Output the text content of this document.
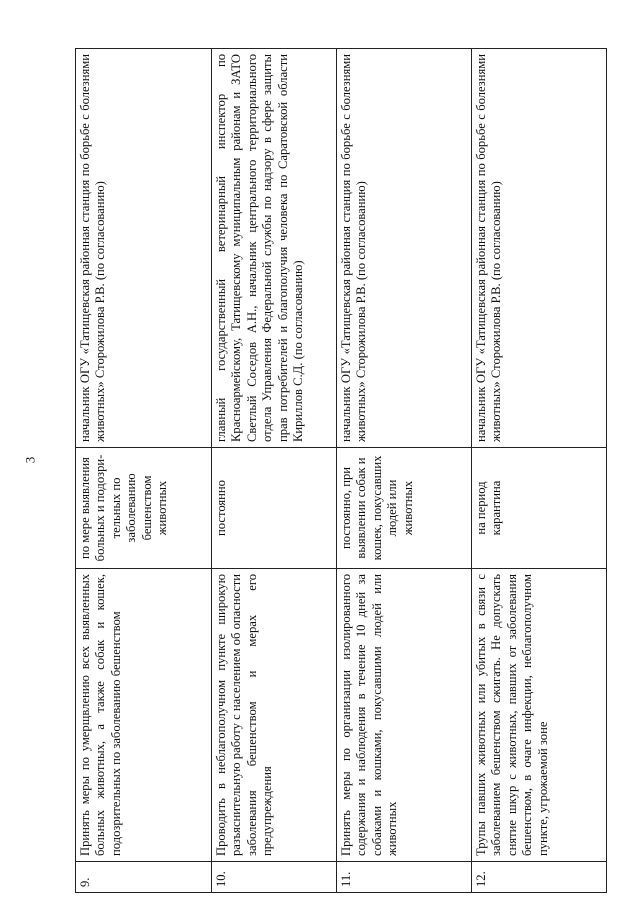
3
9.	Принять меры по умерщвлению всех выявленных больных животных, а также собак и кошек, подозрительных по заболеванию бешенством	по мере выявления больных и подозри-тельных по заболеванию бешенством животных	начальник ОГУ «Татищевская районная станция по борьбе с болезнями животных» Сторожилова Р.В. (по согласованию)
10.	Проводить в неблагополучном пункте широкую разъяснительную работу с населением об опасности заболевания бешенством и мерах его предупреждения	постоянно	главный государственный ветеринарный инспектор по Красноармейскому, Татищевскому муниципальным районам и ЗАТО Светлый Соседов А.Н., начальник центрального территориального отдела Управления Федеральной службы по надзору в сфере защиты прав потребителей и благополучия человека по Саратовской области Кириллов С.Д. (по согласованию)
11.	Принять меры по организации изолированного содержания и наблюдения в течение 10 дней за собаками и кошками, покусавшими людей или животных	постоянно, при выявлении собак и кошек, покусавших людей или животных	начальник ОГУ «Татищевская районная станция по борьбе с болезнями животных» Сторожилова Р.В. (по согласованию)
12.	Трупы павших животных или убитых в связи с заболеванием бешенством сжигать. Не допускать снятие шкур с животных, павших от заболевания бешенством, в очаге инфекции, неблагополучном пункте, угрожаемой зоне	на период карантина	начальник ОГУ «Татищевская районная станция по борьбе с болезнями животных» Сторожилова Р.В. (по согласованию)
